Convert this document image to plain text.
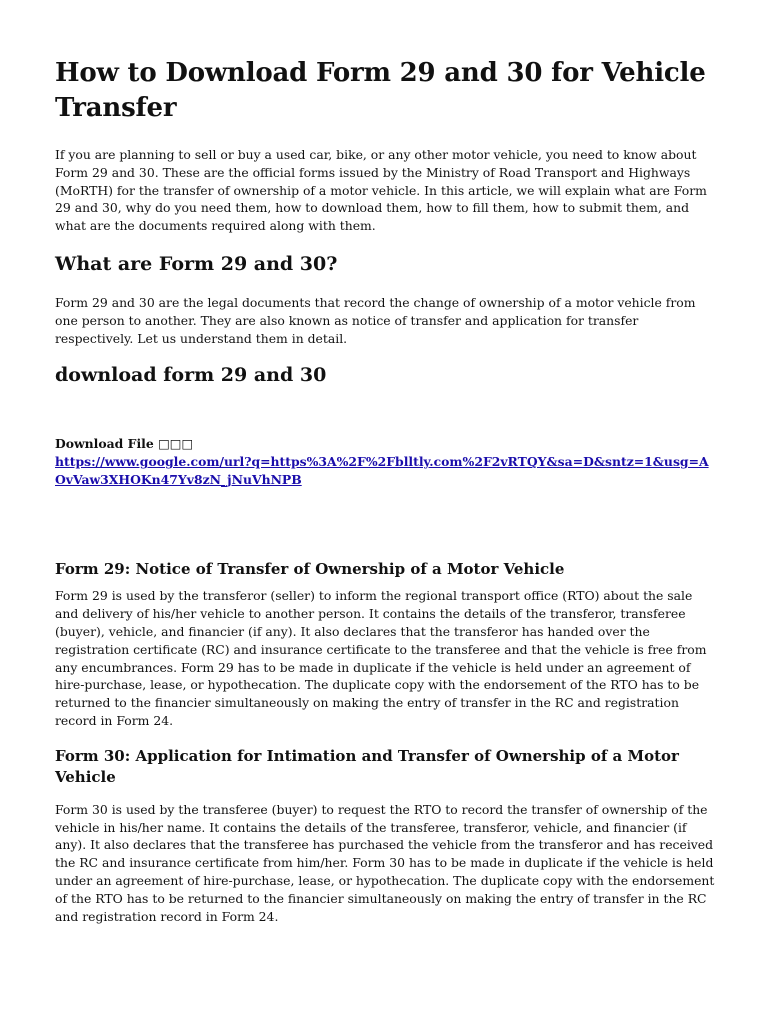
How to Download Form 29 and 30 for Vehicle Transfer

If you are planning to sell or buy a used car, bike, or any other motor vehicle, you need to know about Form 29 and 30. These are the official forms issued by the Ministry of Road Transport and Highways (MoRTH) for the transfer of ownership of a motor vehicle. In this article, we will explain what are Form 29 and 30, why do you need them, how to download them, how to fill them, how to submit them, and what are the documents required along with them.

What are Form 29 and 30?

Form 29 and 30 are the legal documents that record the change of ownership of a motor vehicle from one person to another. They are also known as notice of transfer and application for transfer respectively. Let us understand them in detail.

download form 29 and 30
Download File □□□
https://www.google.com/url?q=https%3A%2F%2Fblltly.com%2F2vRTQY&sa=D&sntz=1&usg=AOvVaw3XHOKn47Yv8zN_jNuVhNPB
Form 29: Notice of Transfer of Ownership of a Motor Vehicle

Form 29 is used by the transferor (seller) to inform the regional transport office (RTO) about the sale and delivery of his/her vehicle to another person. It contains the details of the transferor, transferee (buyer), vehicle, and financier (if any). It also declares that the transferor has handed over the registration certificate (RC) and insurance certificate to the transferee and that the vehicle is free from any encumbrances. Form 29 has to be made in duplicate if the vehicle is held under an agreement of hire-purchase, lease, or hypothecation. The duplicate copy with the endorsement of the RTO has to be returned to the financier simultaneously on making the entry of transfer in the RC and registration record in Form 24.

Form 30: Application for Intimation and Transfer of Ownership of a Motor Vehicle

Form 30 is used by the transferee (buyer) to request the RTO to record the transfer of ownership of the vehicle in his/her name. It contains the details of the transferee, transferor, vehicle, and financier (if any). It also declares that the transferee has purchased the vehicle from the transferor and has received the RC and insurance certificate from him/her. Form 30 has to be made in duplicate if the vehicle is held under an agreement of hire-purchase, lease, or hypothecation. The duplicate copy with the endorsement of the RTO has to be returned to the financier simultaneously on making the entry of transfer in the RC and registration record in Form 24.
